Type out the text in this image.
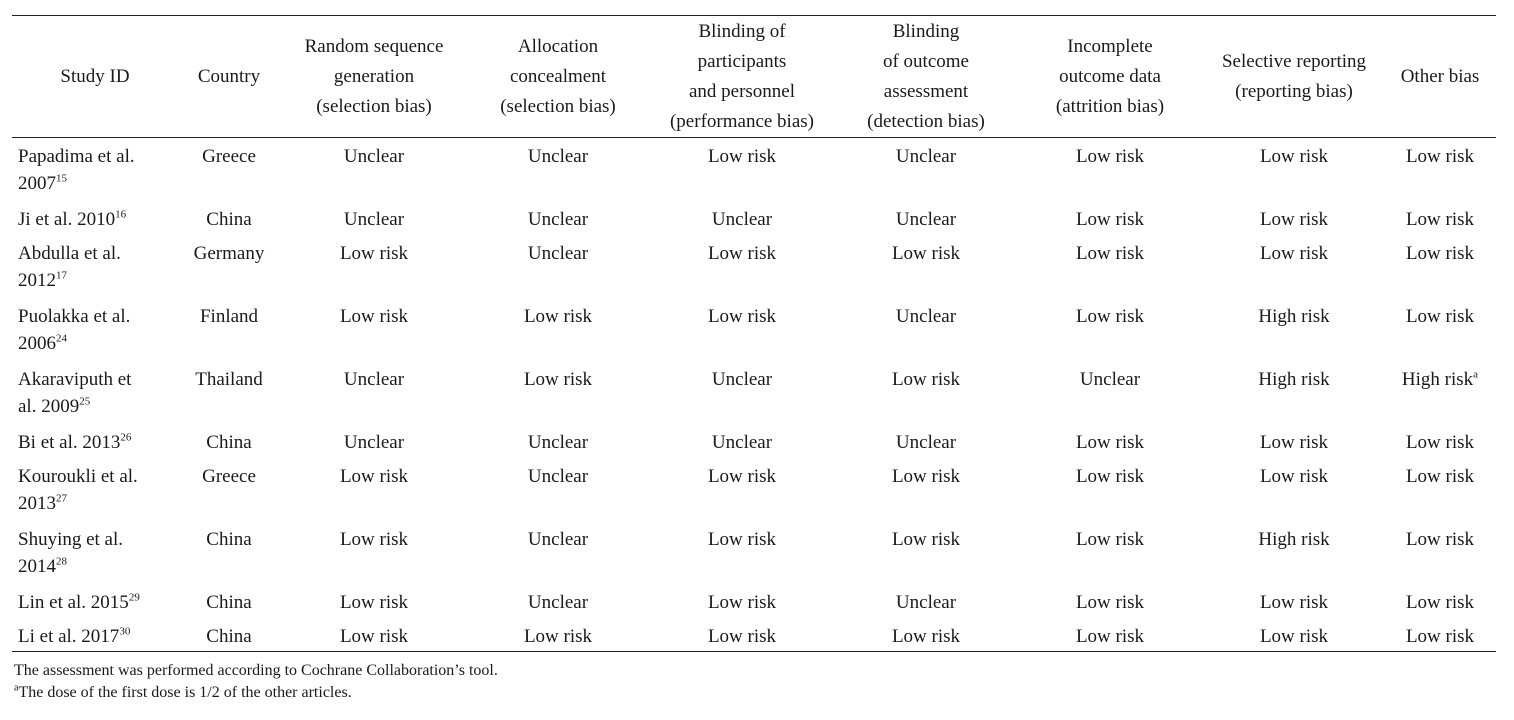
Study ID	Country	Random sequence
generation
(selection bias)	Allocation
concealment
(selection bias)	Blinding of
participants
and personnel
(performance bias)	Blinding
of outcome
assessment
(detection bias)	Incomplete
outcome data
(attrition bias)	Selective reporting
(reporting bias)	Other bias
Papadima et al.
2007$^{15}$	Greece	Unclear	Unclear	Low risk	Unclear	Low risk	Low risk	Low risk
Ji et al. 2010$^{16}$	China	Unclear	Unclear	Unclear	Unclear	Low risk	Low risk	Low risk
Abdulla et al.
2012$^{17}$	Germany	Low risk	Unclear	Low risk	Low risk	Low risk	Low risk	Low risk
Puolakka et al.
2006$^{24}$	Finland	Low risk	Low risk	Low risk	Unclear	Low risk	High risk	Low risk
Akaraviputh et
al. 2009$^{25}$	Thailand	Unclear	Low risk	Unclear	Low risk	Unclear	High risk	High risk$^a$
Bi et al. 2013$^{26}$	China	Unclear	Unclear	Unclear	Unclear	Low risk	Low risk	Low risk
Kouroukli et al.
2013$^{27}$	Greece	Low risk	Unclear	Low risk	Low risk	Low risk	Low risk	Low risk
Shuying et al.
2014$^{28}$	China	Low risk	Unclear	Low risk	Low risk	Low risk	High risk	Low risk
Lin et al. 2015$^{29}$	China	Low risk	Unclear	Low risk	Unclear	Low risk	Low risk	Low risk
Li et al. 2017$^{30}$	China	Low risk	Low risk	Low risk	Low risk	Low risk	Low risk	Low risk
The assessment was performed according to Cochrane Collaboration’s tool.
$^a$The dose of the first dose is 1/2 of the other articles.
